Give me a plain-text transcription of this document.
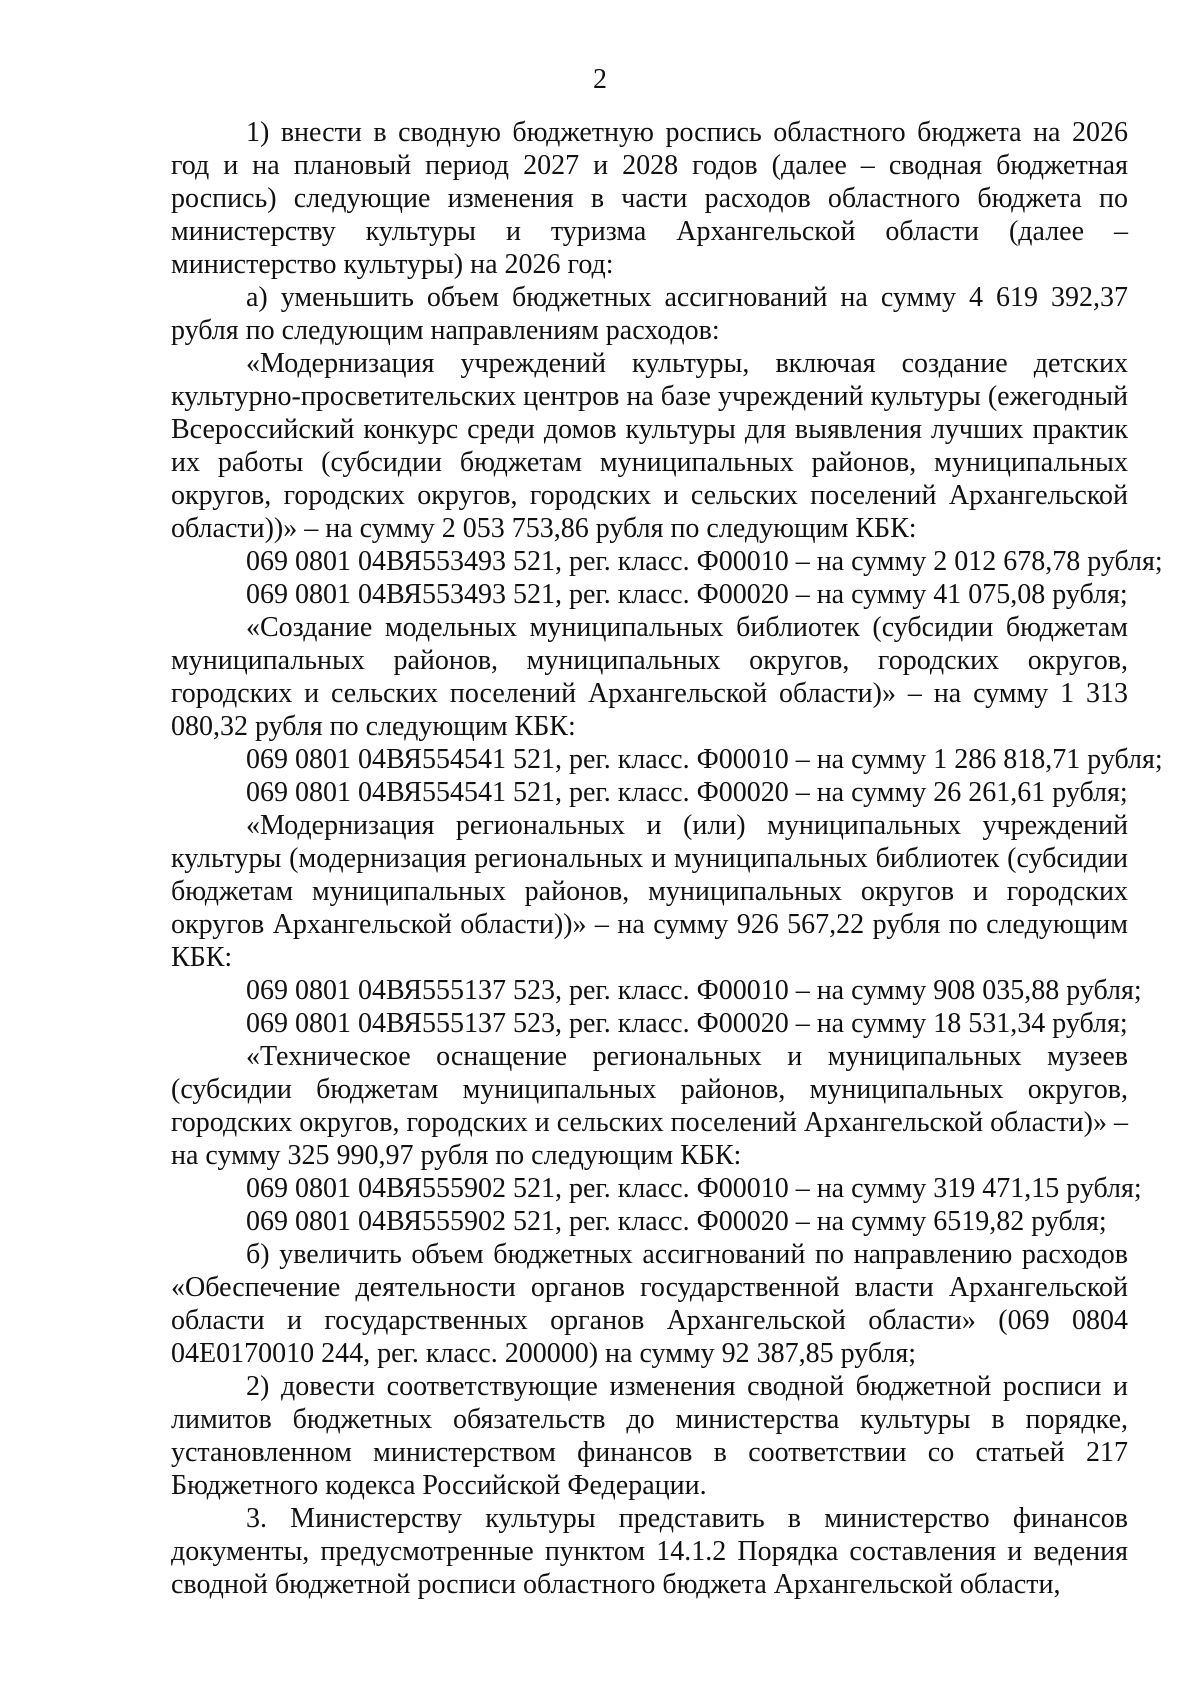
2

1) внести в сводную бюджетную роспись областного бюджета на 2026 год и на плановый период 2027 и 2028 годов (далее – сводная бюджетная роспись) следующие изменения в части расходов областного бюджета по министерству культуры и туризма Архангельской области (далее – министерство культуры) на 2026 год:

а) уменьшить объем бюджетных ассигнований на сумму 4 619 392,37 рубля по следующим направлениям расходов:

«Модернизация учреждений культуры, включая создание детских культурно-просветительских центров на базе учреждений культуры (ежегодный Всероссийский конкурс среди домов культуры для выявления лучших практик их работы (субсидии бюджетам муниципальных районов, муниципальных округов, городских округов, городских и сельских поселений Архангельской области))» – на сумму 2 053 753,86 рубля по следующим КБК:

069 0801 04ВЯ553493 521, рег. класс. Ф00010 – на сумму 2 012 678,78 рубля;

069 0801 04ВЯ553493 521, рег. класс. Ф00020 – на сумму 41 075,08 рубля;

«Создание модельных муниципальных библиотек (субсидии бюджетам муниципальных районов, муниципальных округов, городских округов, городских и сельских поселений Архангельской области)» – на сумму 1 313 080,32 рубля по следующим КБК:

069 0801 04ВЯ554541 521, рег. класс. Ф00010 – на сумму 1 286 818,71 рубля;

069 0801 04ВЯ554541 521, рег. класс. Ф00020 – на сумму 26 261,61 рубля;

«Модернизация региональных и (или) муниципальных учреждений культуры (модернизация региональных и муниципальных библиотек (субсидии бюджетам муниципальных районов, муниципальных округов и городских округов Архангельской области))» – на сумму 926 567,22 рубля по следующим КБК:

069 0801 04ВЯ555137 523, рег. класс. Ф00010 – на сумму 908 035,88 рубля;

069 0801 04ВЯ555137 523, рег. класс. Ф00020 – на сумму 18 531,34 рубля;

«Техническое оснащение региональных и муниципальных музеев (субсидии бюджетам муниципальных районов, муниципальных округов, городских округов, городских и сельских поселений Архангельской области)» – на сумму 325 990,97 рубля по следующим КБК:

069 0801 04ВЯ555902 521, рег. класс. Ф00010 – на сумму 319 471,15 рубля;

069 0801 04ВЯ555902 521, рег. класс. Ф00020 – на сумму 6519,82 рубля;

б) увеличить объем бюджетных ассигнований по направлению расходов «Обеспечение деятельности органов государственной власти Архангельской области и государственных органов Архангельской области» (069 0804 04Е0170010 244, рег. класс. 200000) на сумму 92 387,85 рубля;

2) довести соответствующие изменения сводной бюджетной росписи и лимитов бюджетных обязательств до министерства культуры в порядке, установленном министерством финансов в соответствии со статьей 217 Бюджетного кодекса Российской Федерации.

3. Министерству культуры представить в министерство финансов документы, предусмотренные пунктом 14.1.2 Порядка составления и ведения сводной бюджетной росписи областного бюджета Архангельской области,
